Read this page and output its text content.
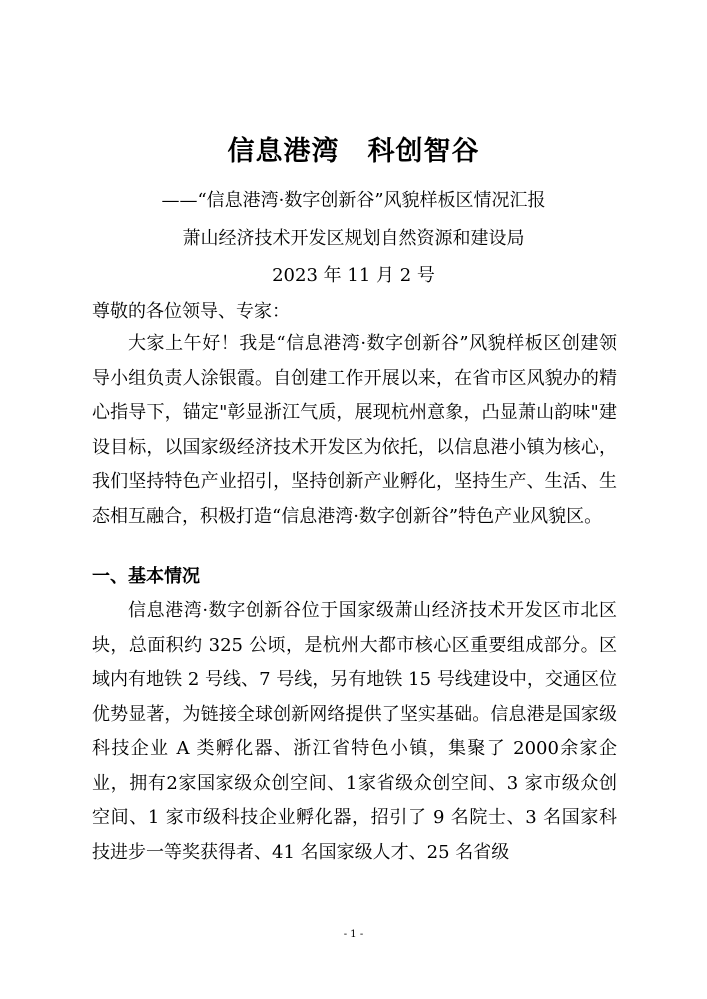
信息港湾　科创智谷
——“信息港湾·数字创新谷”风貌样板区情况汇报
萧山经济技术开发区规划自然资源和建设局
2023 年 11 月 2 号
尊敬的各位领导、专家：
大家上午好！我是“信息港湾·数字创新谷”风貌样板区创建领导小组负责人涂银霞。自创建工作开展以来，在省市区风貌办的精心指导下，锚定"彰显浙江气质，展现杭州意象，凸显萧山韵味"建设目标，以国家级经济技术开发区为依托，以信息港小镇为核心，我们坚持特色产业招引，坚持创新产业孵化，坚持生产、生活、生态相互融合，积极打造“信息港湾·数字创新谷”特色产业风貌区。
一、基本情况
信息港湾·数字创新谷位于国家级萧山经济技术开发区市北区块，总面积约 325 公顷，是杭州大都市核心区重要组成部分。区域内有地铁 2 号线、7 号线，另有地铁 15 号线建设中，交通区位优势显著，为链接全球创新网络提供了坚实基础。信息港是国家级科技企业 A 类孵化器、浙江省特色小镇，集聚了 2000余家企业，拥有2家国家级众创空间、1家省级众创空间、3 家市级众创空间、1 家市级科技企业孵化器，招引了 9 名院士、3 名国家科技进步一等奖获得者、41 名国家级人才、25 名省级
- 1 -
